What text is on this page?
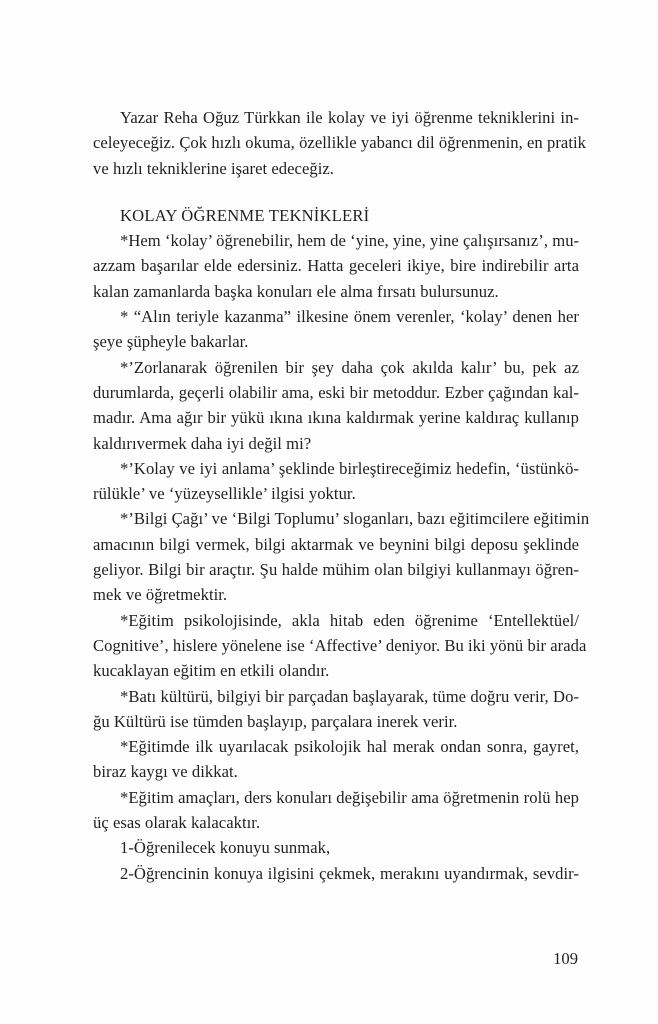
Yazar Reha Oğuz Türkkan ile kolay ve iyi öğrenme tekniklerini in-
celeyeceğiz. Çok hızlı okuma, özellikle yabancı dil öğrenmenin, en pratik
ve hızlı tekniklerine işaret edeceğiz.
KOLAY ÖĞRENME TEKNİKLERİ
*Hem ‘kolay’ öğrenebilir, hem de ‘yine, yine, yine çalışırsanız’, mu-
azzam başarılar elde edersiniz. Hatta geceleri ikiye, bire indirebilir arta
kalan zamanlarda başka konuları ele alma fırsatı bulursunuz.
* “Alın teriyle kazanma” ilkesine önem verenler, ‘kolay’ denen her
şeye şüpheyle bakarlar.
*’Zorlanarak öğrenilen bir şey daha çok akılda kalır’ bu, pek az
durumlarda, geçerli olabilir ama, eski bir metoddur. Ezber çağından kal-
madır. Ama ağır bir yükü ıkına ıkına kaldırmak yerine kaldıraç kullanıp
kaldırıvermek daha iyi değil mi?
*’Kolay ve iyi anlama’ şeklinde birleştireceğimiz hedefin, ‘üstünkö-
rülükle’ ve ‘yüzeysellikle’ ilgisi yoktur.
*’Bilgi Çağı’ ve ‘Bilgi Toplumu’ sloganları, bazı eğitimcilere eğitimin
amacının bilgi vermek, bilgi aktarmak ve beynini bilgi deposu şeklinde
geliyor. Bilgi bir araçtır. Şu halde mühim olan bilgiyi kullanmayı öğren-
mek ve öğretmektir.
*Eğitim psikolojisinde, akla hitab eden öğrenime ‘Entellektüel/
Cognitive’, hislere yönelene ise ‘Affective’ deniyor. Bu iki yönü bir arada
kucaklayan eğitim en etkili olandır.
*Batı kültürü, bilgiyi bir parçadan başlayarak, tüme doğru verir, Do-
ğu Kültürü ise tümden başlayıp, parçalara inerek verir.
*Eğitimde ilk uyarılacak psikolojik hal merak ondan sonra, gayret,
biraz kaygı ve dikkat.
*Eğitim amaçları, ders konuları değişebilir ama öğretmenin rolü hep
üç esas olarak kalacaktır.
1-Öğrenilecek konuyu sunmak,
2-Öğrencinin konuya ilgisini çekmek, merakını uyandırmak, sevdir-
109
